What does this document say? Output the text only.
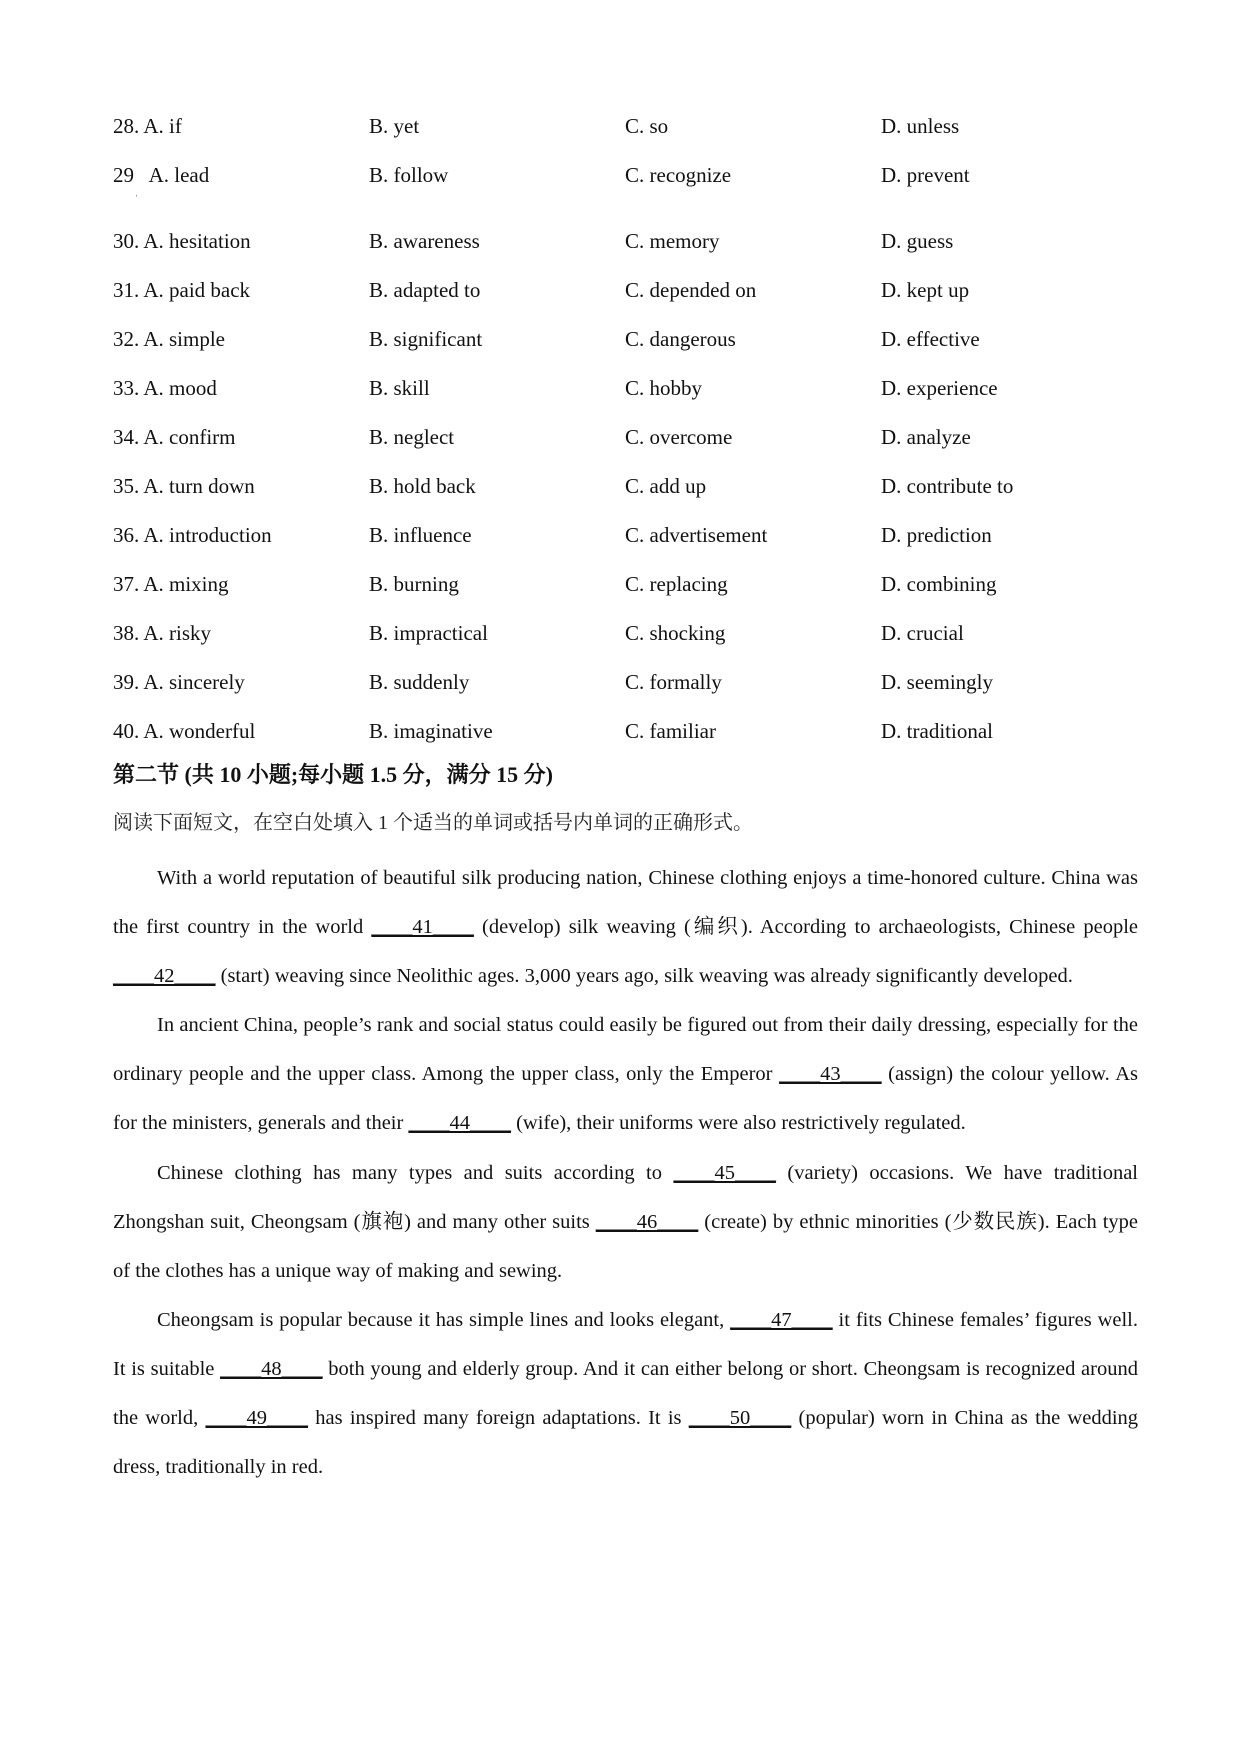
28. A. if	B. yet	C. so	D. unless
29 A. lead	B. follow	C. recognize	D. prevent
30. A. hesitation	B. awareness	C. memory	D. guess
31. A. paid back	B. adapted to	C. depended on	D. kept up
32. A. simple	B. significant	C. dangerous	D. effective
33. A. mood	B. skill	C. hobby	D. experience
34. A. confirm	B. neglect	C. overcome	D. analyze
35. A. turn down	B. hold back	C. add up	D. contribute to
36. A. introduction	B. influence	C. advertisement	D. prediction
37. A. mixing	B. burning	C. replacing	D. combining
38. A. risky	B. impractical	C. shocking	D. crucial
39. A. sincerely	B. suddenly	C. formally	D. seemingly
40. A. wonderful	B. imaginative	C. familiar	D. traditional
ˌ
第二节 (共 10 小题;每小题 1.5 分，满分 15 分)
阅读下面短文，在空白处填入 1 个适当的单词或括号内单词的正确形式。

With a world reputation of beautiful silk producing nation, Chinese clothing enjoys a time-honored culture. China was the first country in the world ____41____ (develop) silk weaving (编织). According to archaeologists, Chinese people ____42____ (start) weaving since Neolithic ages. 3,000 years ago, silk weaving was already significantly developed.

In ancient China, people’s rank and social status could easily be figured out from their daily dressing, especially for the ordinary people and the upper class. Among the upper class, only the Emperor ____43____ (assign) the colour yellow. As for the ministers, generals and their ____44____ (wife), their uniforms were also restrictively regulated.

Chinese clothing has many types and suits according to ____45____ (variety) occasions. We have traditional Zhongshan suit, Cheongsam (旗袍) and many other suits ____46____ (create) by ethnic minorities (少数民族). Each type of the clothes has a unique way of making and sewing.

Cheongsam is popular because it has simple lines and looks elegant, ____47____ it fits Chinese females’ figures well. It is suitable ____48____ both young and elderly group. And it can either belong or short. Cheongsam is recognized around the world, ____49____ has inspired many foreign adaptations. It is ____50____ (popular) worn in China as the wedding dress, traditionally in red.
